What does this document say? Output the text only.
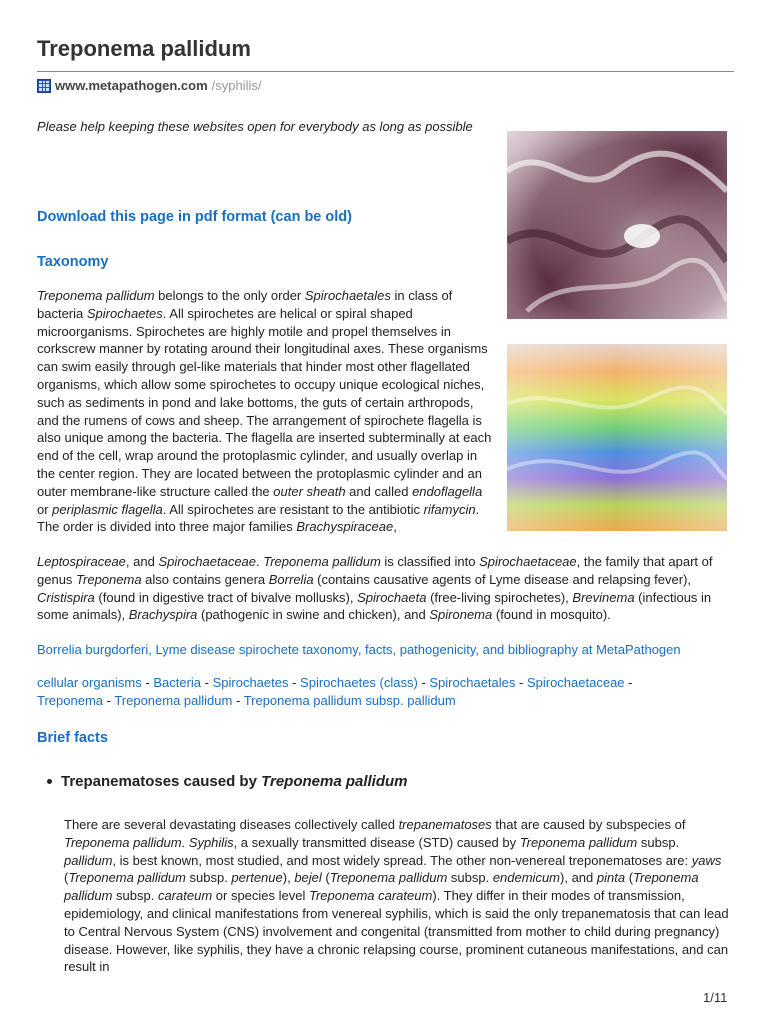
Treponema pallidum
www.metapathogen.com /syphilis/
Please help keeping these websites open for everybody as long as possible
Download this page in pdf format (can be old)
Taxonomy
Treponema pallidum belongs to the only order Spirochaetales in class of bacteria Spirochaetes. All spirochetes are helical or spiral shaped microorganisms. Spirochetes are highly motile and propel themselves in corkscrew manner by rotating around their longitudinal axes. These organisms can swim easily through gel-like materials that hinder most other flagellated organisms, which allow some spirochetes to occupy unique ecological niches, such as sediments in pond and lake bottoms, the guts of certain arthropods, and the rumens of cows and sheep. The arrangement of spirochete flagella is also unique among the bacteria. The flagella are inserted subterminally at each end of the cell, wrap around the protoplasmic cylinder, and usually overlap in the center region. They are located between the protoplasmic cylinder and an outer membrane-like structure called the outer sheath and called endoflagella or periplasmic flagella. All spirochetes are resistant to the antibiotic rifamycin. The order is divided into three major families Brachyspiraceae,
Leptospiraceae, and Spirochaetaceae. Treponema pallidum is classified into Spirochaetaceae, the family that apart of genus Treponema also contains genera Borrelia (contains causative agents of Lyme disease and relapsing fever), Cristispira (found in digestive tract of bivalve mollusks), Spirochaeta (free-living spirochetes), Brevinema (infectious in some animals), Brachyspira (pathogenic in swine and chicken), and Spironema (found in mosquito).
Borrelia burgdorferi, Lyme disease spirochete taxonomy, facts, pathogenicity, and bibliography at MetaPathogen
cellular organisms - Bacteria - Spirochaetes - Spirochaetes (class) - Spirochaetales - Spirochaetaceae -
Treponema - Treponema pallidum - Treponema pallidum subsp. pallidum
Brief facts
Trepanematoses caused by Treponema pallidum
There are several devastating diseases collectively called trepanematoses that are caused by subspecies of Treponema pallidum. Syphilis, a sexually transmitted disease (STD) caused by Treponema pallidum subsp. pallidum, is best known, most studied, and most widely spread. The other non-venereal treponematoses are: yaws (Treponema pallidum subsp. pertenue), bejel (Treponema pallidum subsp. endemicum), and pinta (Treponema pallidum subsp. carateum or species level Treponema carateum). They differ in their modes of transmission, epidemiology, and clinical manifestations from venereal syphilis, which is said the only trepanematosis that can lead to Central Nervous System (CNS) involvement and congenital (transmitted from mother to child during pregnancy) disease. However, like syphilis, they have a chronic relapsing course, prominent cutaneous manifestations, and can result in
1/11
